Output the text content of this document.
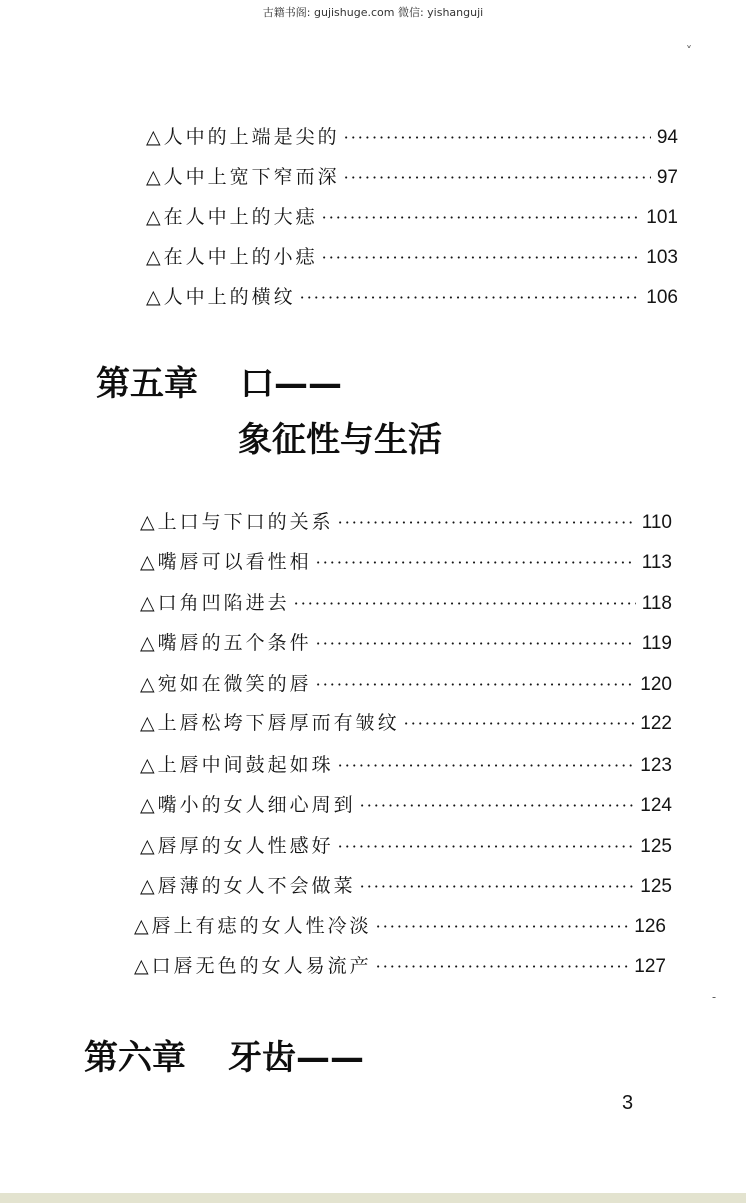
古籍书阁: gujishuge.com 微信: yishanguji
△人中的上端是尖的 ·····	94
△人中上宽下窄而深 ·····	97
△在人中上的大痣 ·····	101
△在人中上的小痣 ·····	103
△人中上的横纹 ·····	106
第五章 口——
象征性与生活
△上口与下口的关系 ·····	110
△嘴唇可以看性相 ·····	113
△口角凹陷进去 ·····	118
△嘴唇的五个条件 ·····	119
△宛如在微笑的唇 ·····	120
△上唇松垮下唇厚而有皱纹 ·····	122
△上唇中间鼓起如珠 ·····	123
△嘴小的女人细心周到 ·····	124
△唇厚的女人性感好 ·····	125
△唇薄的女人不会做菜 ·····	125
△唇上有痣的女人性冷淡 ·····	126
△口唇无色的女人易流产 ·····	127
第六章 牙齿——
3
˅
‐
